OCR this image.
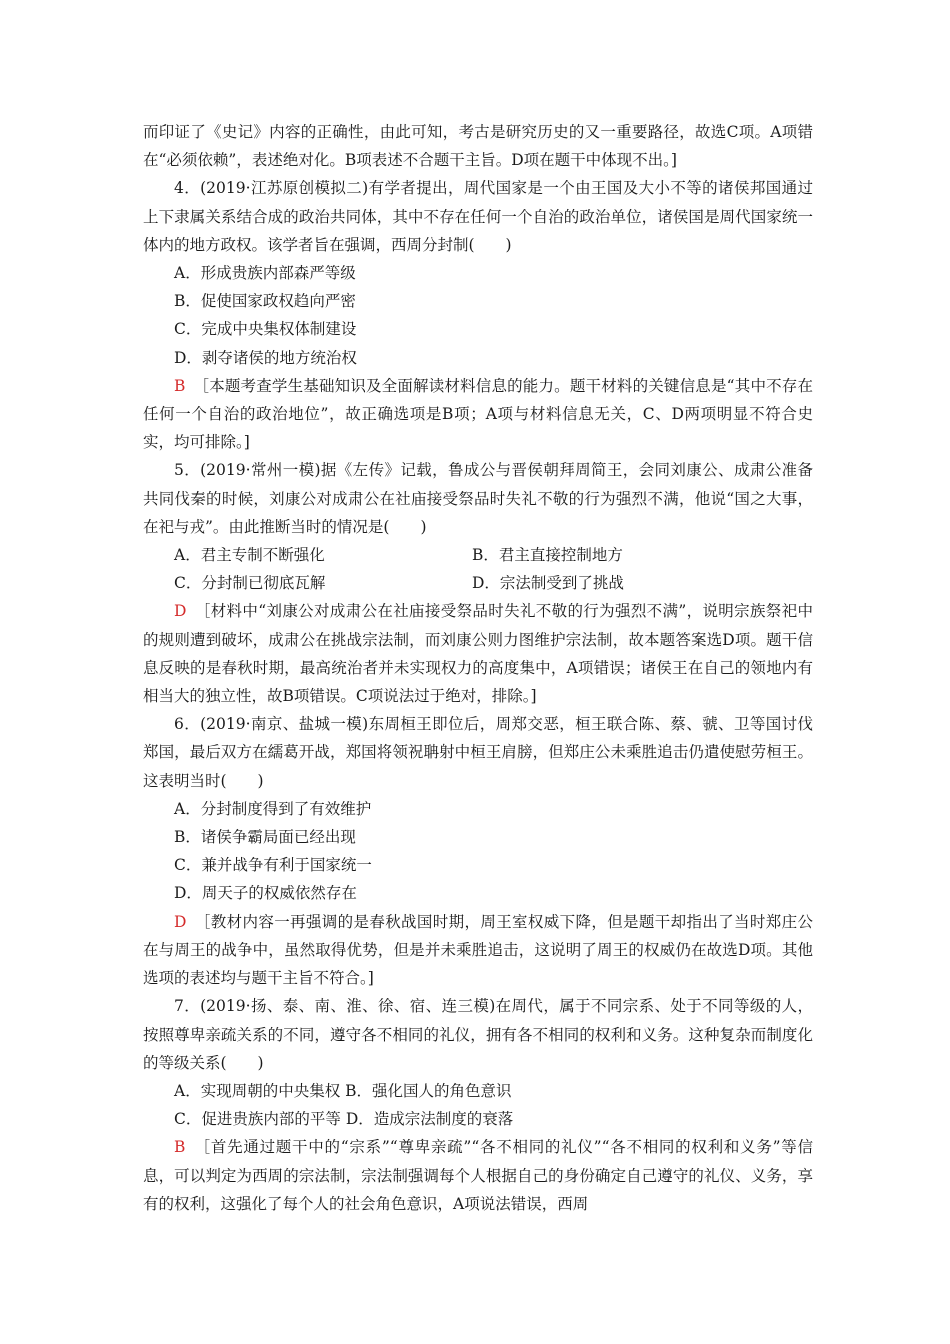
而印证了《史记》内容的正确性，由此可知，考古是研究历史的又一重要路径，故选C项。A项错在“必须依赖”，表述绝对化。B项表述不合题干主旨。D项在题干中体现不出。]

4．(2019·江苏原创模拟二)有学者提出，周代国家是一个由王国及大小不等的诸侯邦国通过上下隶属关系结合成的政治共同体，其中不存在任何一个自治的政治单位，诸侯国是周代国家统一体内的地方政权。该学者旨在强调，西周分封制(　　)

A．形成贵族内部森严等级
B．促使国家政权趋向严密
C．完成中央集权体制建设
D．剥夺诸侯的地方统治权

B　 ［本题考查学生基础知识及全面解读材料信息的能力。题干材料的关键信息是“其中不存在任何一个自治的政治地位”，故正确选项是B项；A项与材料信息无关，C、D两项明显不符合史实，均可排除。]

5．(2019·常州一模)据《左传》记载，鲁成公与晋侯朝拜周简王，会同刘康公、成肃公准备共同伐秦的时候，刘康公对成肃公在社庙接受祭品时失礼不敬的行为强烈不满，他说“国之大事，在祀与戎”。由此推断当时的情况是(　　)

A．君主专制不断强化	B．君主直接控制地方
C．分封制已彻底瓦解	D．宗法制受到了挑战

D　 ［材料中“刘康公对成肃公在社庙接受祭品时失礼不敬的行为强烈不满”，说明宗族祭祀中的规则遭到破坏，成肃公在挑战宗法制，而刘康公则力图维护宗法制，故本题答案选D项。题干信息反映的是春秋时期，最高统治者并未实现权力的高度集中，A项错误；诸侯王在自己的领地内有相当大的独立性，故B项错误。C项说法过于绝对，排除。]

6．(2019·南京、盐城一模)东周桓王即位后，周郑交恶，桓王联合陈、蔡、虢、卫等国讨伐郑国，最后双方在繻葛开战，郑国将领祝聃射中桓王肩膀，但郑庄公未乘胜追击仍遣使慰劳桓王。这表明当时(　　)

A．分封制度得到了有效维护
B．诸侯争霸局面已经出现
C．兼并战争有利于国家统一
D．周天子的权威依然存在

D　 ［教材内容一再强调的是春秋战国时期，周王室权威下降，但是题干却指出了当时郑庄公在与周王的战争中，虽然取得优势，但是并未乘胜追击，这说明了周王的权威仍在故选D项。其他选项的表述均与题干主旨不符合。]

7．(2019·扬、泰、南、淮、徐、宿、连三模)在周代，属于不同宗系、处于不同等级的人，按照尊卑亲疏关系的不同，遵守各不相同的礼仪，拥有各不相同的权利和义务。这种复杂而制度化的等级关系(　　)

A．实现周朝的中央集权 B．强化国人的角色意识
C．促进贵族内部的平等 D．造成宗法制度的衰落

B　 ［首先通过题干中的“宗系”“尊卑亲疏”“各不相同的礼仪”“各不相同的权利和义务”等信息，可以判定为西周的宗法制，宗法制强调每个人根据自己的身份确定自己遵守的礼仪、义务，享有的权利，这强化了每个人的社会角色意识，A项说法错误，西周
